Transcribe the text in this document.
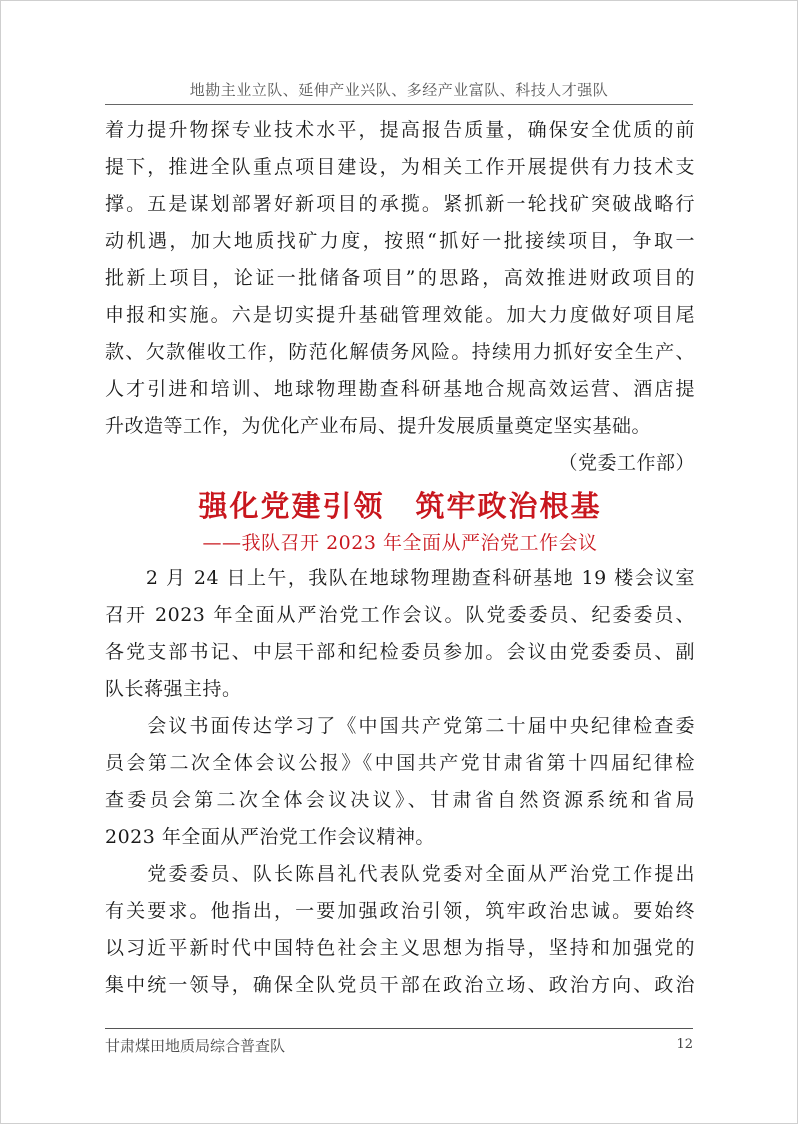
地勘主业立队、延伸产业兴队、多经产业富队、科技人才强队
着力提升物探专业技术水平，提高报告质量，确保安全优质的前
提下，推进全队重点项目建设，为相关工作开展提供有力技术支
撑。五是谋划部署好新项目的承揽。紧抓新一轮找矿突破战略行
动机遇，加大地质找矿力度，按照“抓好一批接续项目，争取一
批新上项目，论证一批储备项目”的思路，高效推进财政项目的
申报和实施。六是切实提升基础管理效能。加大力度做好项目尾
款、欠款催收工作，防范化解债务风险。持续用力抓好安全生产、
人才引进和培训、地球物理勘查科研基地合规高效运营、酒店提
升改造等工作，为优化产业布局、提升发展质量奠定坚实基础。

（党委工作部）

强化党建引领　筑牢政治根基

——我队召开 2023 年全面从严治党工作会议

　　2 月 24 日上午，我队在地球物理勘查科研基地 19 楼会议室
召开 2023 年全面从严治党工作会议。队党委委员、纪委委员、
各党支部书记、中层干部和纪检委员参加。会议由党委委员、副
队长蒋强主持。
　　会议书面传达学习了《中国共产党第二十届中央纪律检查委
员会第二次全体会议公报》《中国共产党甘肃省第十四届纪律检
查委员会第二次全体会议决议》、甘肃省自然资源系统和省局
2023 年全面从严治党工作会议精神。
　　党委委员、队长陈昌礼代表队党委对全面从严治党工作提出
有关要求。他指出，一要加强政治引领，筑牢政治忠诚。要始终
以习近平新时代中国特色社会主义思想为指导，坚持和加强党的
集中统一领导，确保全队党员干部在政治立场、政治方向、政治
甘肃煤田地质局综合普查队	12
